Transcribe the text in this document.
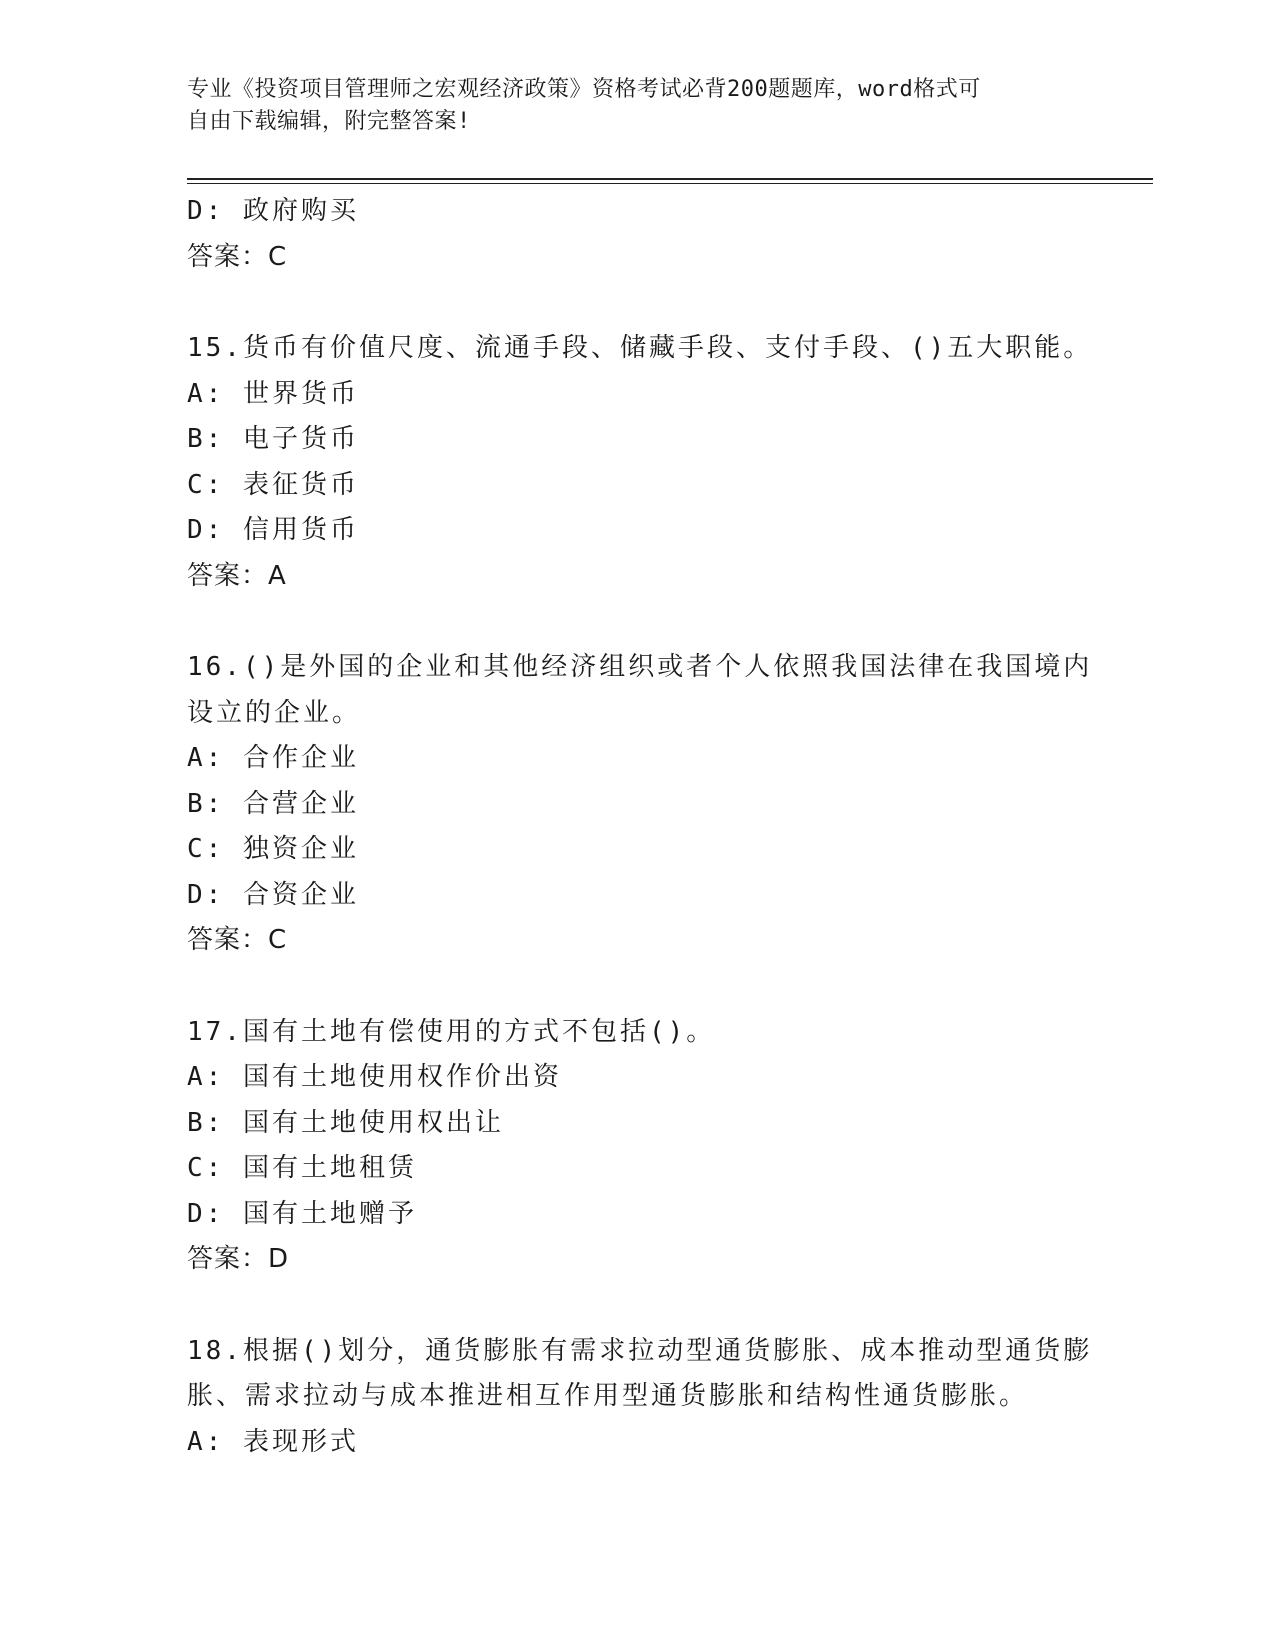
专业《投资项目管理师之宏观经济政策》资格考试必背200题题库，word格式可
自由下载编辑，附完整答案!
D: 政府购买
答案：C
15.货币有价值尺度、流通手段、储藏手段、支付手段、()五大职能。
A: 世界货币
B: 电子货币
C: 表征货币
D: 信用货币
答案：A
16.()是外国的企业和其他经济组织或者个人依照我国法律在我国境内
设立的企业。
A: 合作企业
B: 合营企业
C: 独资企业
D: 合资企业
答案：C
17.国有土地有偿使用的方式不包括()。
A: 国有土地使用权作价出资
B: 国有土地使用权出让
C: 国有土地租赁
D: 国有土地赠予
答案：D
18.根据()划分，通货膨胀有需求拉动型通货膨胀、成本推动型通货膨
胀、需求拉动与成本推进相互作用型通货膨胀和结构性通货膨胀。
A: 表现形式
